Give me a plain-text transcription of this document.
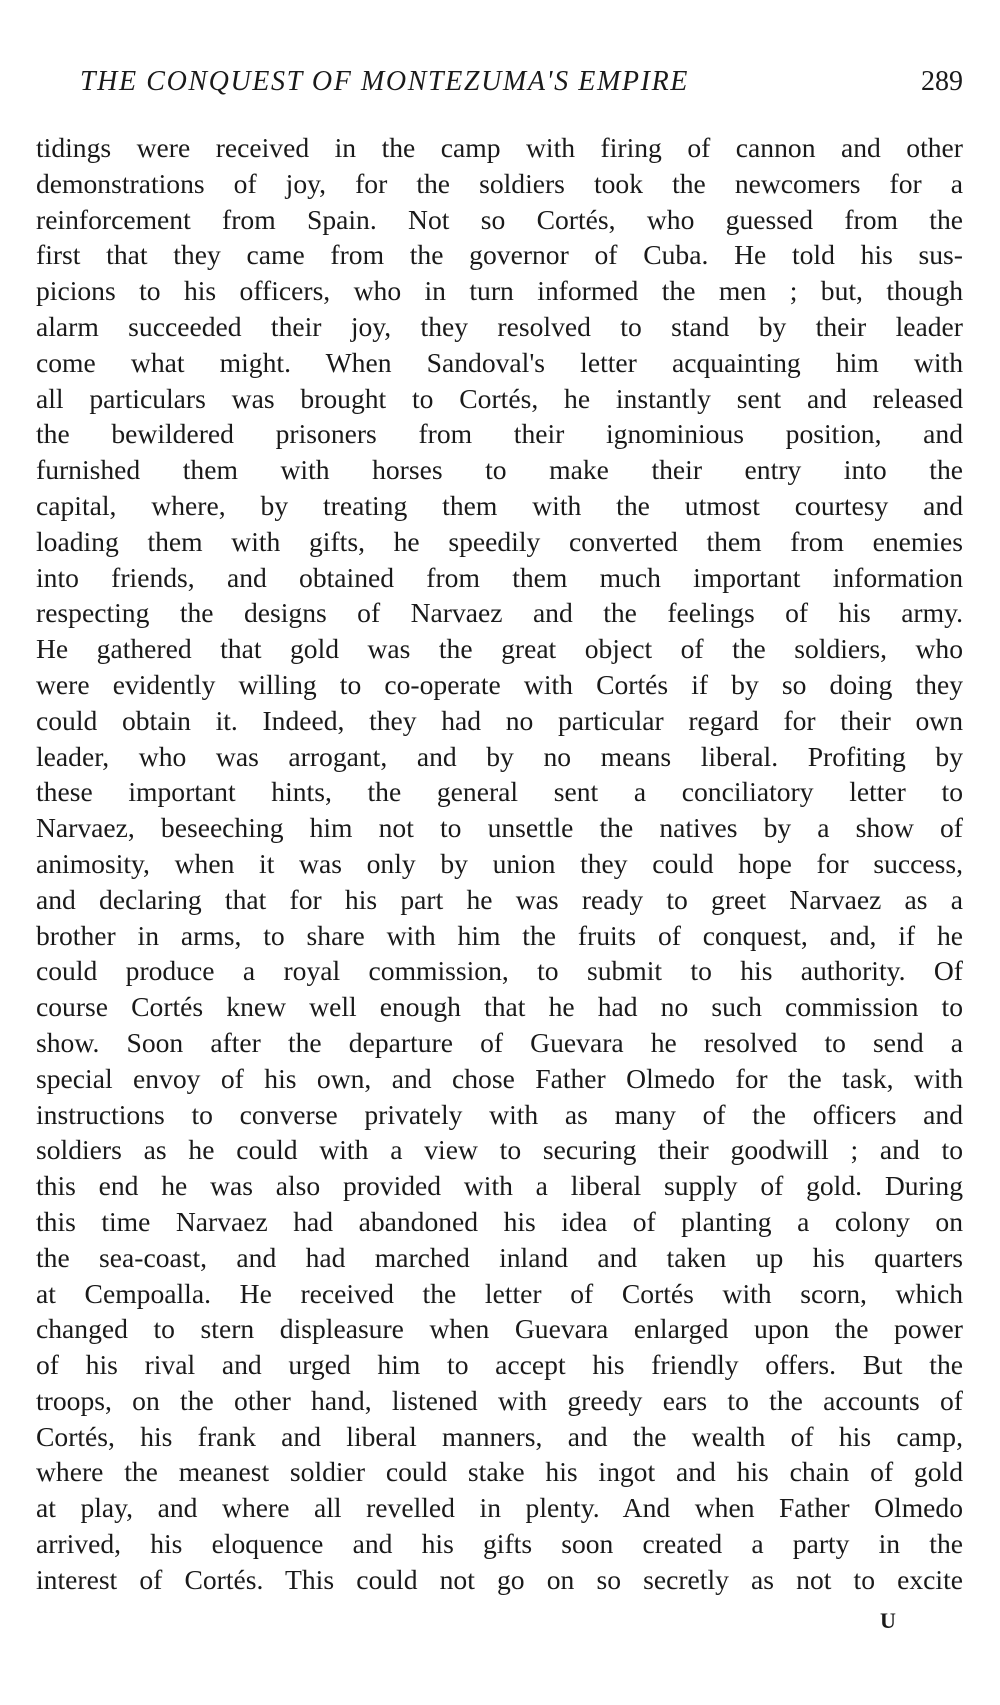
THE CONQUEST OF MONTEZUMA'S EMPIRE	289
tidings were received in the camp with firing of cannon and other
demonstrations of joy, for the soldiers took the newcomers for a
reinforcement from Spain. Not so Cortés, who guessed from the
first that they came from the governor of Cuba. He told his sus-
picions to his officers, who in turn informed the men ; but, though
alarm succeeded their joy, they resolved to stand by their leader
come what might. When Sandoval's letter acquainting him with
all particulars was brought to Cortés, he instantly sent and released
the bewildered prisoners from their ignominious position, and
furnished them with horses to make their entry into the
capital, where, by treating them with the utmost courtesy and
loading them with gifts, he speedily converted them from enemies
into friends, and obtained from them much important information
respecting the designs of Narvaez and the feelings of his army.
He gathered that gold was the great object of the soldiers, who
were evidently willing to co-operate with Cortés if by so doing they
could obtain it. Indeed, they had no particular regard for their own
leader, who was arrogant, and by no means liberal. Profiting by
these important hints, the general sent a conciliatory letter to
Narvaez, beseeching him not to unsettle the natives by a show of
animosity, when it was only by union they could hope for success,
and declaring that for his part he was ready to greet Narvaez as a
brother in arms, to share with him the fruits of conquest, and, if he
could produce a royal commission, to submit to his authority. Of
course Cortés knew well enough that he had no such commission to
show. Soon after the departure of Guevara he resolved to send a
special envoy of his own, and chose Father Olmedo for the task, with
instructions to converse privately with as many of the officers and
soldiers as he could with a view to securing their goodwill ; and to
this end he was also provided with a liberal supply of gold. During
this time Narvaez had abandoned his idea of planting a colony on
the sea-coast, and had marched inland and taken up his quarters
at Cempoalla. He received the letter of Cortés with scorn, which
changed to stern displeasure when Guevara enlarged upon the power
of his rival and urged him to accept his friendly offers. But the
troops, on the other hand, listened with greedy ears to the accounts of
Cortés, his frank and liberal manners, and the wealth of his camp,
where the meanest soldier could stake his ingot and his chain of gold
at play, and where all revelled in plenty. And when Father Olmedo
arrived, his eloquence and his gifts soon created a party in the
interest of Cortés. This could not go on so secretly as not to excite
U
